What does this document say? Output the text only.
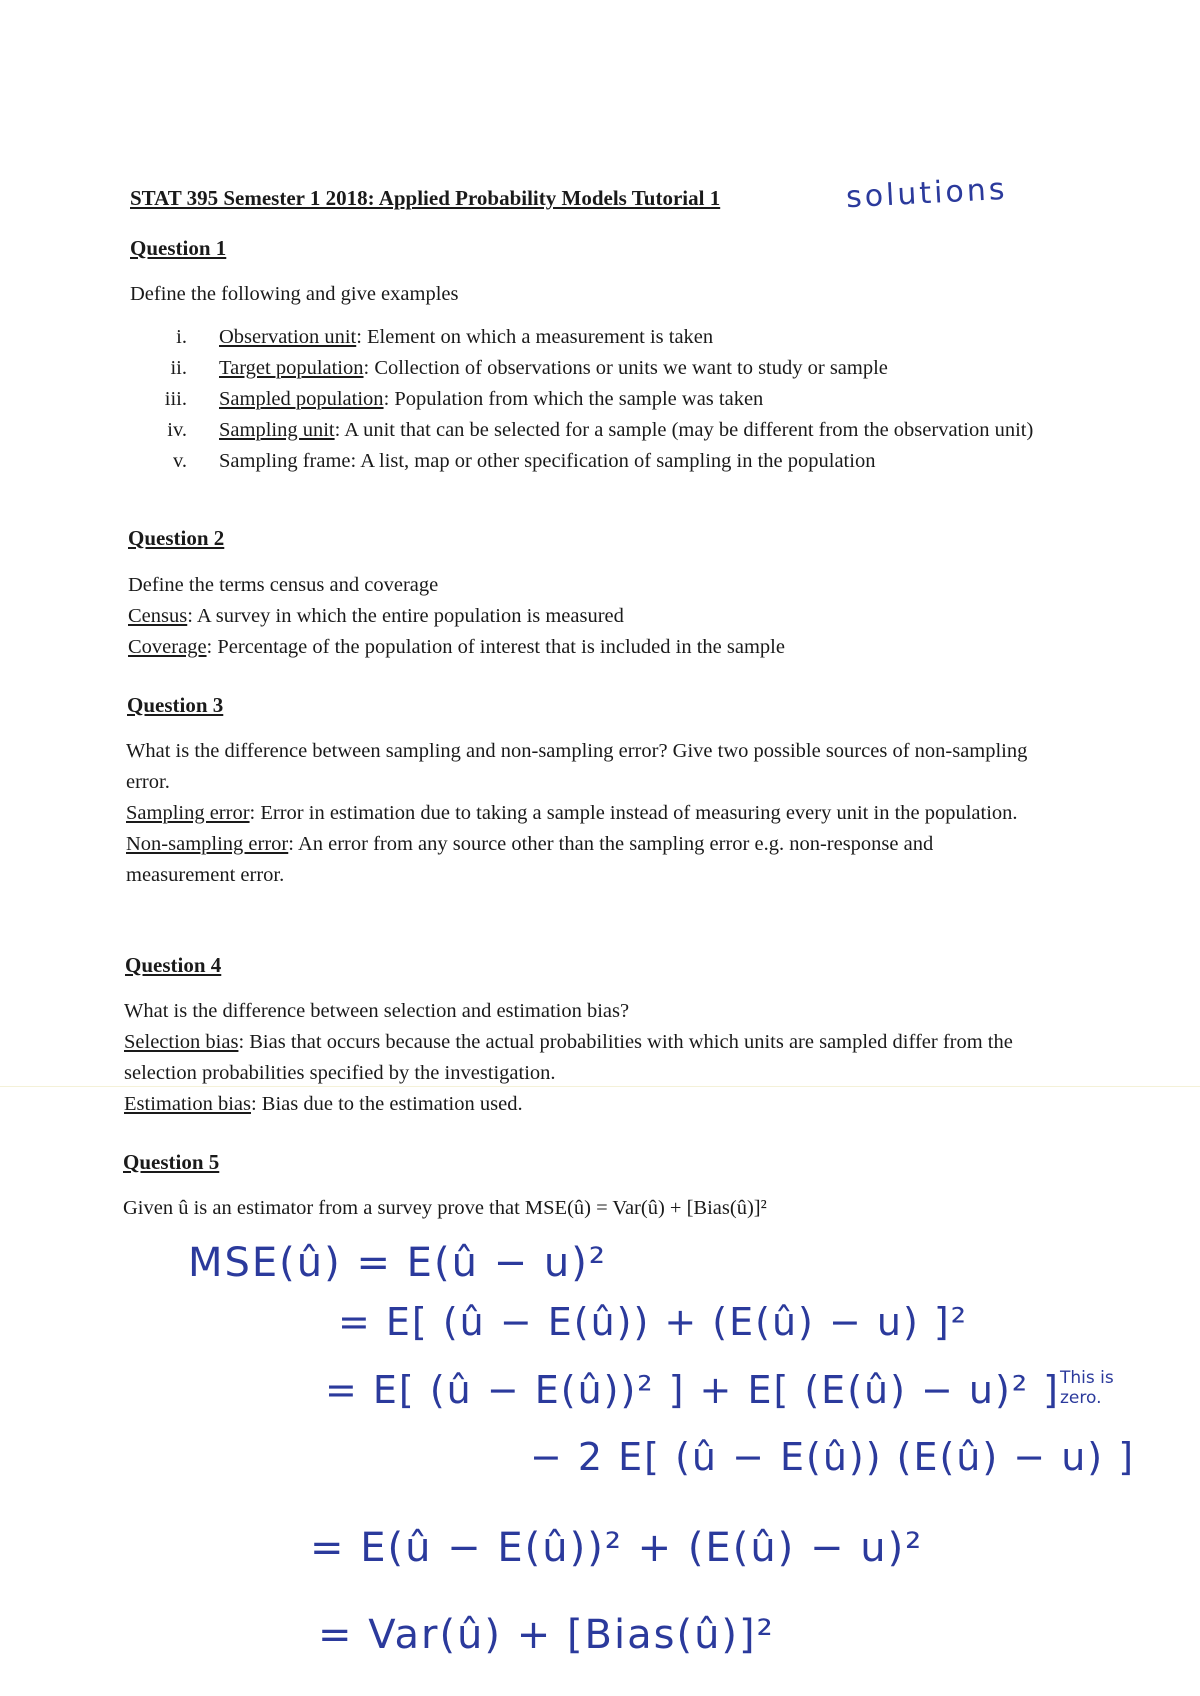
STAT 395 Semester 1 2018: Applied Probability Models Tutorial 1	solutions
Question 1
Define the following and give examples
i.	Observation unit: Element on which a measurement is taken
ii.	Target population: Collection of observations or units we want to study or sample
iii.	Sampled population: Population from which the sample was taken
iv.	Sampling unit: A unit that can be selected for a sample (may be different from the observation unit)
v.	Sampling frame: A list, map or other specification of sampling in the population
Question 2

Define the terms census and coverage

Census: A survey in which the entire population is measured

Coverage: Percentage of the population of interest that is included in the sample

Question 3

What is the difference between sampling and non-sampling error? Give two possible sources of non-sampling error.

Sampling error: Error in estimation due to taking a sample instead of measuring every unit in the population.

Non-sampling error: An error from any source other than the sampling error e.g. non-response and measurement error.

Question 4

What is the difference between selection and estimation bias?

Selection bias: Bias that occurs because the actual probabilities with which units are sampled differ from the selection probabilities specified by the investigation.

Estimation bias: Bias due to the estimation used.

Question 5
Given û is an estimator from a survey prove that MSE(û) = Var(û) + [Bias(û)]²
MSE(û) = E(û − u)²
= E[ (û − E(û)) + (E(û) − u) ]²
= E[ (û − E(û))² ] + E[ (E(û) − u)² ]
− 2 E[ (û − E(û)) (E(û) − u) ]
This is zero.
= E(û − E(û))² + (E(û) − u)²
= Var(û) + [Bias(û)]²
